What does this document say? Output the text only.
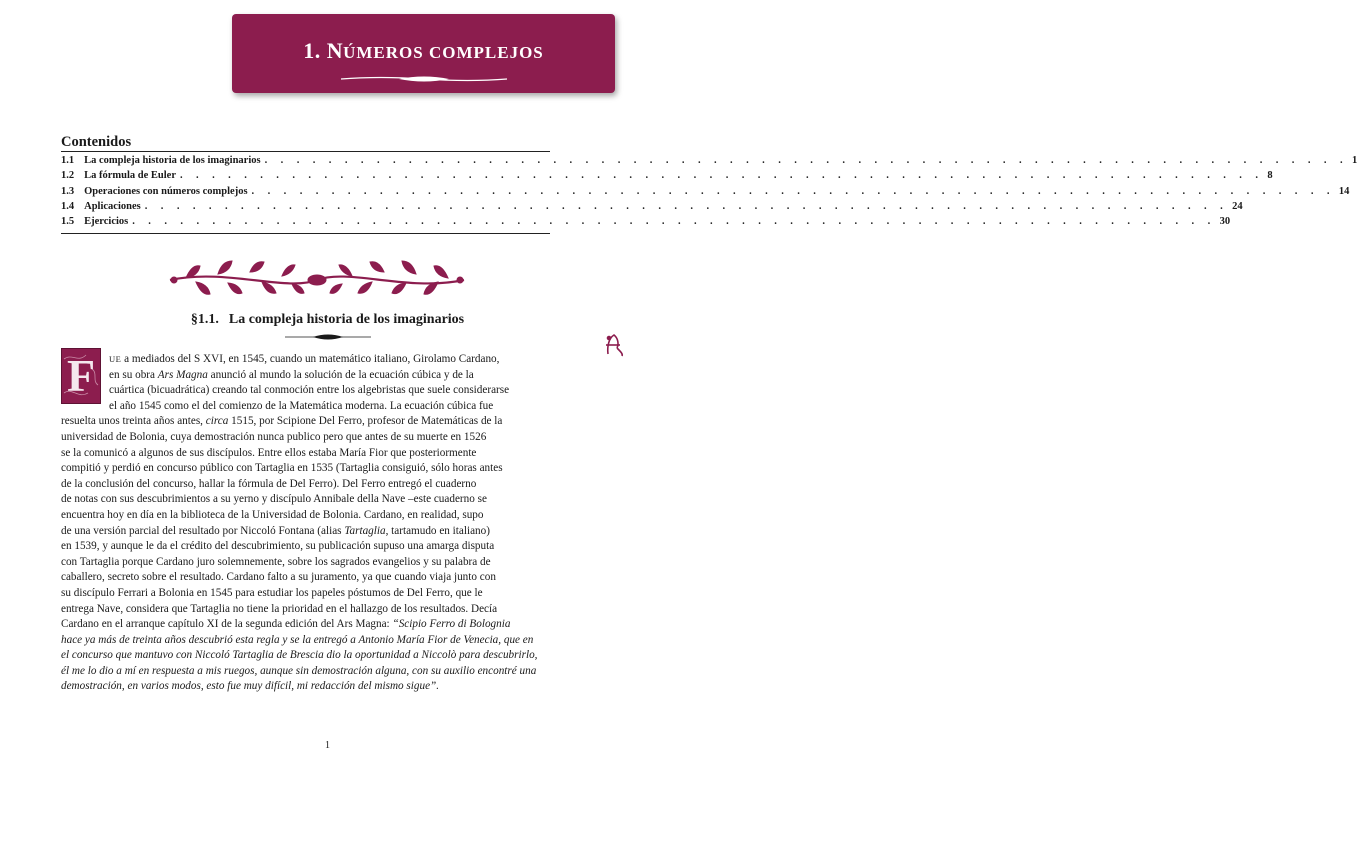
1. NÚMEROS COMPLEJOS
Contenidos
1.1 La compleja historia de los imaginarios . . . . . . . . . . . . . . . . . . . . . . . . . . . . . . . . . . . . . . . . . . . . . . . . . . . . . . . . . . . . . . . . . . . . 1
1.2 La fórmula de Euler . . . . . . . . . . . . . . . . . . . . . . . . . . . . . . . . . . . . . . . . . . . . . . . . . . . . . . . . . . . . . . . . . . . . 8
1.3 Operaciones con números complejos . . . . . . . . . . . . . . . . . . . . . . . . . . . . . . . . . . . . . . . . . . . . . . . . . . . . . . . . . . . . . . . . . . . . 14
1.4 Aplicaciones . . . . . . . . . . . . . . . . . . . . . . . . . . . . . . . . . . . . . . . . . . . . . . . . . . . . . . . . . . . . . . . . . . . . 24
1.5 Ejercicios . . . . . . . . . . . . . . . . . . . . . . . . . . . . . . . . . . . . . . . . . . . . . . . . . . . . . . . . . . . . . . . . . . . . 30
§1.1. La compleja historia de los imaginarios
F	UE a mediados del S XVI, en 1545, cuando un matemático italiano, Girolamo Cardano,
en su obra Ars Magna anunció al mundo la solución de la ecuación cúbica y de la
cuártica (bicuadrática) creando tal conmoción entre los algebristas que suele considerarse
el año 1545 como el del comienzo de la Matemática moderna. La ecuación cúbica fue
resuelta unos treinta años antes, circa 1515, por Scipione Del Ferro, profesor de Matemáticas de la
universidad de Bolonia, cuya demostración nunca publico pero que antes de su muerte en 1526
se la comunicó a algunos de sus discípulos. Entre ellos estaba María Fior que posteriormente
compitió y perdió en concurso público con Tartaglia en 1535 (Tartaglia consiguió, sólo horas antes
de la conclusión del concurso, hallar la fórmula de Del Ferro). Del Ferro entregó el cuaderno
de notas con sus descubrimientos a su yerno y discípulo Annibale della Nave –este cuaderno se
encuentra hoy en día en la biblioteca de la Universidad de Bolonia. Cardano, en realidad, supo
de una versión parcial del resultado por Niccoló Fontana (alias Tartaglia, tartamudo en italiano)
en 1539, y aunque le da el crédito del descubrimiento, su publicación supuso una amarga disputa
con Tartaglia porque Cardano juro solemnemente, sobre los sagrados evangelios y su palabra de
caballero, secreto sobre el resultado. Cardano falto a su juramento, ya que cuando viaja junto con
su discípulo Ferrari a Bolonia en 1545 para estudiar los papeles póstumos de Del Ferro, que le
entrega Nave, considera que Tartaglia no tiene la prioridad en el hallazgo de los resultados. Decía
Cardano en el arranque capítulo XI de la segunda edición del Ars Magna: “Scipio Ferro di Bolognia
hace ya más de treinta años descubrió esta regla y se la entregó a Antonio María Fior de Venecia, que en
el concurso que mantuvo con Niccoló Tartaglia de Brescia dio la oportunidad a Niccolò para descubrirlo,
él me lo dio a mí en respuesta a mis ruegos, aunque sin demostración alguna, con su auxilio encontré una
demostración, en varios modos, esto fue muy difícil, mi redacción del mismo sigue”.
1
